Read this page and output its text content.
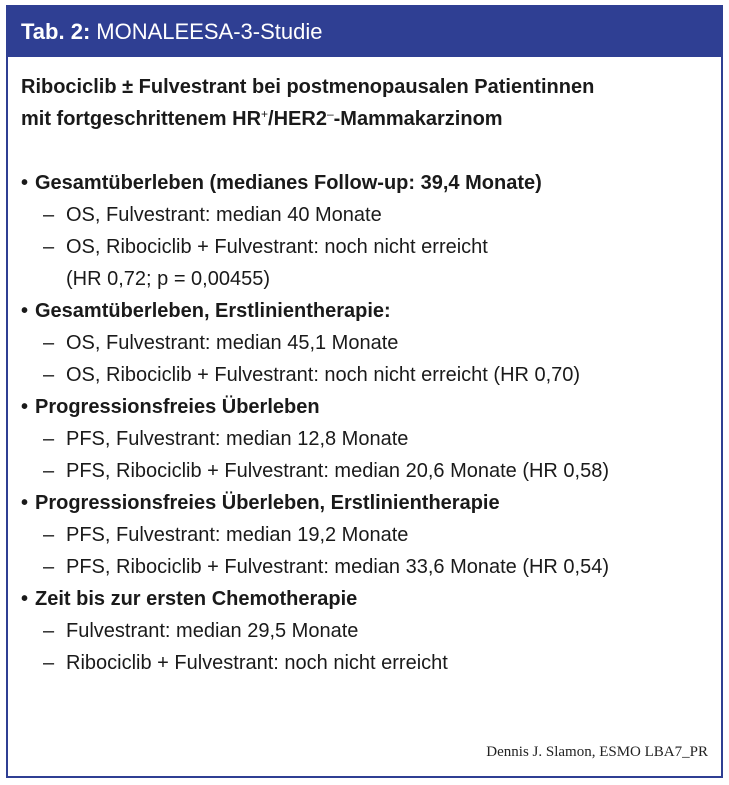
Tab. 2: MONALEESA-3-Studie
Ribociclib ± Fulvestrant bei postmenopausalen Patientinnen
mit fortgeschrittenem HR+/HER2–-Mammakarzinom
• Gesamtüberleben (medianes Follow-up: 39,4 Monate)
– OS, Fulvestrant: median 40 Monate
– OS, Ribociclib + Fulvestrant: noch nicht erreicht
(HR 0,72; p = 0,00455)
• Gesamtüberleben, Erstlinientherapie:
– OS, Fulvestrant: median 45,1 Monate
– OS, Ribociclib + Fulvestrant: noch nicht erreicht (HR 0,70)
• Progressionsfreies Überleben
– PFS, Fulvestrant: median 12,8 Monate
– PFS, Ribociclib + Fulvestrant: median 20,6 Monate (HR 0,58)
• Progressionsfreies Überleben, Erstlinientherapie
– PFS, Fulvestrant: median 19,2 Monate
– PFS, Ribociclib + Fulvestrant: median 33,6 Monate (HR 0,54)
• Zeit bis zur ersten Chemotherapie
– Fulvestrant: median 29,5 Monate
– Ribociclib + Fulvestrant: noch nicht erreicht
Dennis J. Slamon, ESMO LBA7_PR
